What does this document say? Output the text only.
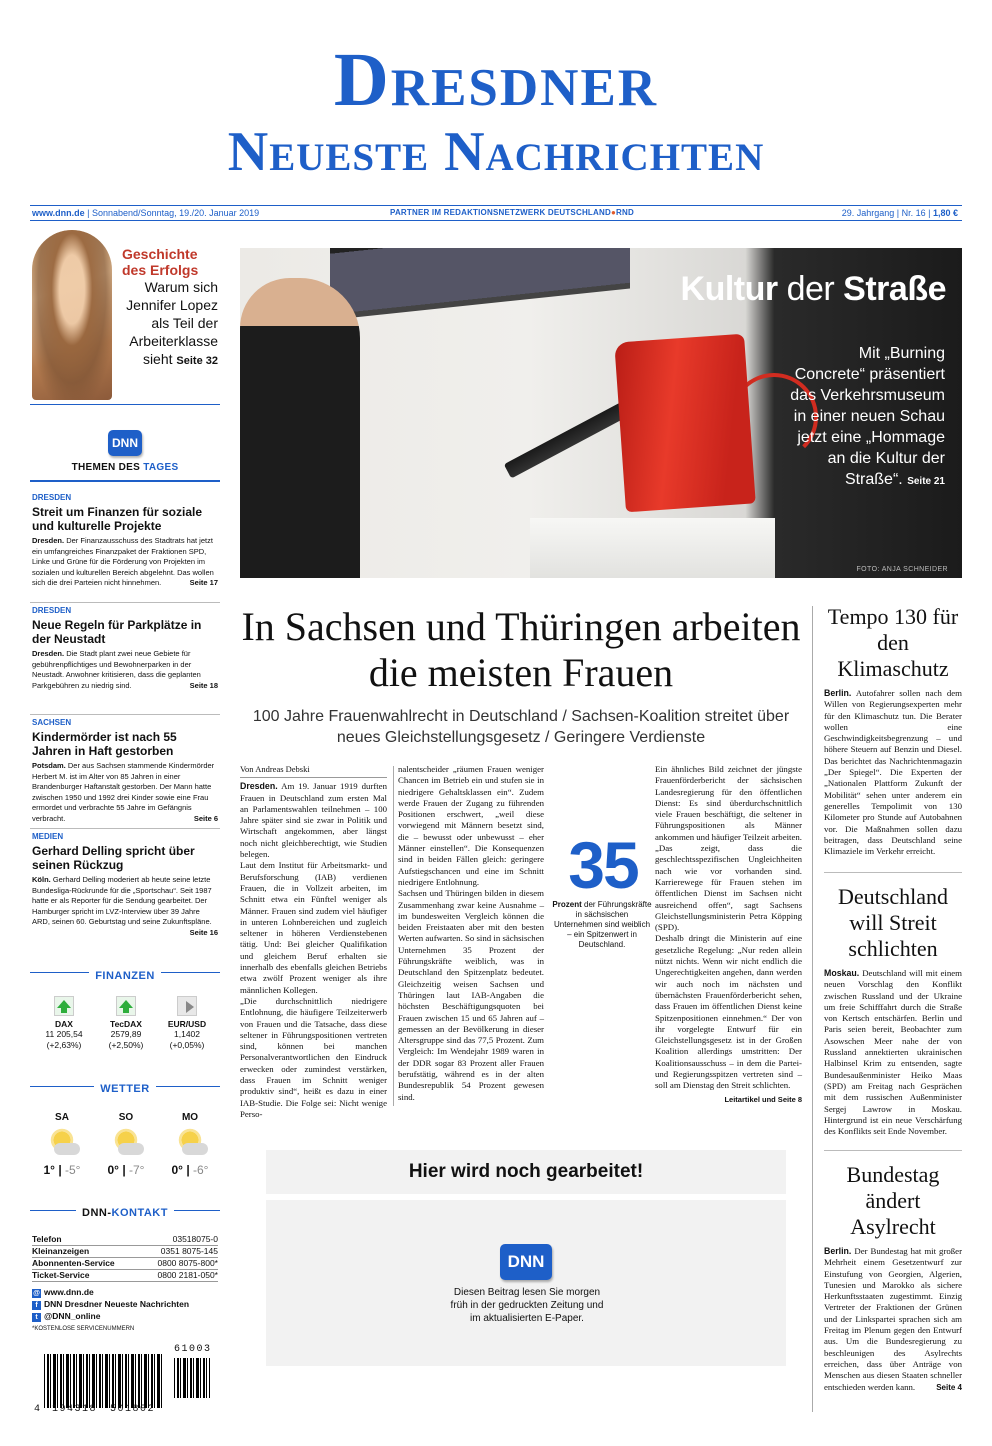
Dresdner
Neueste Nachrichten
www.dnn.de | Sonnabend/Sonntag, 19./20. Januar 2019	PARTNER IM REDAKTIONSNETZWERK DEUTSCHLAND●RND	29. Jahrgang | Nr. 16 | 1,80 €
Geschichte des Erfolgs
Warum sich Jennifer Lopez als Teil der Arbeiterklasse sieht Seite 32
DNN
THEMEN DES TAGES
DRESDEN
Streit um Finanzen für soziale und kulturelle Projekte
Dresden. Der Finanzausschuss des Stadtrats hat jetzt ein umfangreiches Finanzpaket der Fraktionen SPD, Linke und Grüne für die Förderung von Projekten im sozialen und kulturellen Bereich abgelehnt. Das wollen sich die drei Parteien nicht hinnehmen.	Seite 17
DRESDEN
Neue Regeln für Parkplätze in der Neustadt
Dresden. Die Stadt plant zwei neue Gebiete für gebührenpflichtiges und Bewohnerparken in der Neustadt. Anwohner kritisieren, dass die geplanten Parkgebühren zu niedrig sind.	Seite 18
SACHSEN
Kindermörder ist nach 55 Jahren in Haft gestorben
Potsdam. Der aus Sachsen stammende Kindermörder Herbert M. ist im Alter von 85 Jahren in einer Brandenburger Haftanstalt gestorben. Der Mann hatte zwischen 1950 und 1992 drei Kinder sowie eine Frau ermordet und verbrachte 55 Jahre im Gefängnis verbracht.	Seite 6
MEDIEN
Gerhard Delling spricht über seinen Rückzug
Köln. Gerhard Delling moderiert ab heute seine letzte Bundesliga-Rückrunde für die „Sportschau“. Seit 1987 hatte er als Reporter für die Sendung gearbeitet. Der Hamburger spricht im LVZ-Interview über 39 Jahre ARD, seinen 60. Geburtstag und seine Zukunftspläne.
Seite 16
FINANZEN
DAX
11 205,54
(+2,63%)
TecDAX
2579,89
(+2,50%)
EUR/USD
1,1402
(+0,05%)
WETTER
SA
1° | -5°
SO
0° | -7°
MO
0° | -6°
DNN-KONTAKT
Telefon	03518075-0
Kleinanzeigen	0351 8075-145
Abonnenten-Service	0800 8075-800*
Ticket-Service	0800 2181-050*
@ www.dnn.de
f DNN Dresdner Neueste Nachrichten
t @DNN_online
*KOSTENLOSE SERVICENUMMERN
61003
4 194318 501802
Kultur der Straße
Mit „Burning Concrete“ präsentiert das Verkehrsmuseum in einer neuen Schau jetzt eine „Hommage an die Kultur der Straße“. Seite 21
FOTO: ANJA SCHNEIDER
In Sachsen und Thüringen arbeiten die meisten Frauen
100 Jahre Frauenwahlrecht in Deutschland / Sachsen-Koalition streitet über neues Gleichstellungsgesetz / Geringere Verdienste
Von Andreas Debski
Dresden. Am 19. Januar 1919 durften Frauen in Deutschland zum ersten Mal an Parlamentswahlen teilnehmen – 100 Jahre später sind sie zwar in Politik und Wirtschaft angekommen, aber längst noch nicht gleichberechtigt, wie Studien belegen.
Laut dem Institut für Arbeitsmarkt- und Berufsforschung (IAB) verdienen Frauen, die in Vollzeit arbeiten, im Schnitt etwa ein Fünftel weniger als Männer. Frauen sind zudem viel häufiger in unteren Lohnbereichen und zugleich seltener in höheren Verdienstebenen tätig. Und: Bei gleicher Qualifikation und gleichem Beruf erhalten sie innerhalb des ebenfalls gleichen Betriebs etwa zwölf Prozent weniger als ihre männlichen Kollegen.
„Die durchschnittlich niedrigere Entlohnung, die häufigere Teilzeiterwerb von Frauen und die Tatsache, dass diese seltener in Führungspositionen vertreten sind, können bei manchen Personalverantwortlichen den Eindruck erwecken oder zumindest verstärken, dass Frauen im Schnitt weniger produktiv sind“, heißt es dazu in einer IAB-Studie. Die Folge sei: Nicht wenige Perso-
nalentscheider „räumen Frauen weniger Chancen im Betrieb ein und stufen sie in niedrigere Gehaltsklassen ein“. Zudem werde Frauen der Zugang zu führenden Positionen erschwert, „weil diese vorwiegend mit Männern besetzt sind, die – bewusst oder unbewusst – eher Männer einstellen“. Die Konsequenzen sind in beiden Fällen gleich: geringere Aufstiegschancen und eine im Schnitt niedrigere Entlohnung.
Sachsen und Thüringen bilden in diesem Zusammenhang zwar keine Ausnahme – im bundesweiten Vergleich können die beiden Freistaaten aber mit den besten Werten aufwarten. So sind in sächsischen Unternehmen 35 Prozent der Führungskräfte weiblich, was in Deutschland den Spitzenplatz bedeutet. Gleichzeitig weisen Sachsen und Thüringen laut IAB-Angaben die höchsten Beschäftigungsquoten bei Frauen zwischen 15 und 65 Jahren auf – gemessen an der Bevölkerung in dieser Altersgruppe sind das 77,5 Prozent. Zum Vergleich: Im Wendejahr 1989 waren in der DDR sogar 83 Prozent aller Frauen berufstätig, während es in der alten Bundesrepublik 54 Prozent gewesen sind.
35
Prozent der Führungskräfte in sächsischen Unternehmen sind weiblich – ein Spitzenwert in Deutschland.
Ein ähnliches Bild zeichnet der jüngste Frauenförderbericht der sächsischen Landesregierung für den öffentlichen Dienst: Es sind überdurchschnittlich viele Frauen beschäftigt, die seltener in Führungspositionen als Männer ankommen und häufiger Teilzeit arbeiten. „Das zeigt, dass die geschlechtsspezifischen Ungleichheiten nach wie vor vorhanden sind. Karrierewege für Frauen stehen im öffentlichen Dienst im Sachsen nicht ausreichend offen“, sagt Sachsens Gleichstellungsministerin Petra Köpping (SPD).
Deshalb dringt die Ministerin auf eine gesetzliche Regelung: „Nur reden allein nützt nichts. Wenn wir nicht endlich die Ungerechtigkeiten angehen, dann werden wir auch noch im nächsten und übernächsten Frauenförderbericht sehen, dass Frauen im öffentlichen Dienst keine Spitzenpositionen einnehmen.“ Der von ihr vorgelegte Entwurf für ein Gleichstellungsgesetz ist in der Großen Koalition allerdings umstritten: Der Koalitionsausschuss – in dem die Partei- und Regierungsspitzen vertreten sind – soll am Dienstag den Streit schlichten.
Leitartikel und Seite 8
Hier wird noch gearbeitet!
DNN
Diesen Beitrag lesen Sie morgen früh in der gedruckten Zeitung und im aktualisierten E-Paper.
Tempo 130 für den Klimaschutz
Berlin. Autofahrer sollen nach dem Willen von Regierungsexperten mehr für den Klimaschutz tun. Die Berater wollen eine Geschwindigkeitsbegrenzung – und höhere Steuern auf Benzin und Diesel. Das berichtet das Nachrichtenmagazin „Der Spiegel“. Die Experten der „Nationalen Plattform Zukunft der Mobilität“ sehen unter anderem ein generelles Tempolimit von 130 Kilometer pro Stunde auf Autobahnen vor. Die Maßnahmen sollen dazu beitragen, dass Deutschland seine Klimaziele im Verkehr erreicht.
Deutschland will Streit schlichten
Moskau. Deutschland will mit einem neuen Vorschlag den Konflikt zwischen Russland und der Ukraine um freie Schifffahrt durch die Straße von Kertsch entschärfen. Berlin und Paris seien bereit, Beobachter zum Asowschen Meer nahe der von Russland annektierten ukrainischen Halbinsel Krim zu entsenden, sagte Bundesaußenminister Heiko Maas (SPD) am Freitag nach Gesprächen mit dem russischen Außenminister Sergej Lawrow in Moskau. Hintergrund ist ein neue Verschärfung des Konflikts seit Ende November.
Bundestag ändert Asylrecht
Berlin. Der Bundestag hat mit großer Mehrheit einem Gesetzentwurf zur Einstufung von Georgien, Algerien, Tunesien und Marokko als sichere Herkunftsstaaten zugestimmt. Einzig Vertreter der Fraktionen der Grünen und der Linkspartei sprachen sich am Freitag im Plenum gegen den Entwurf aus. Um die Bundesregierung zu beschleunigen des Asylrechts erreichen, dass über Anträge von Menschen aus diesen Staaten schneller entschieden werden kann.	Seite 4
